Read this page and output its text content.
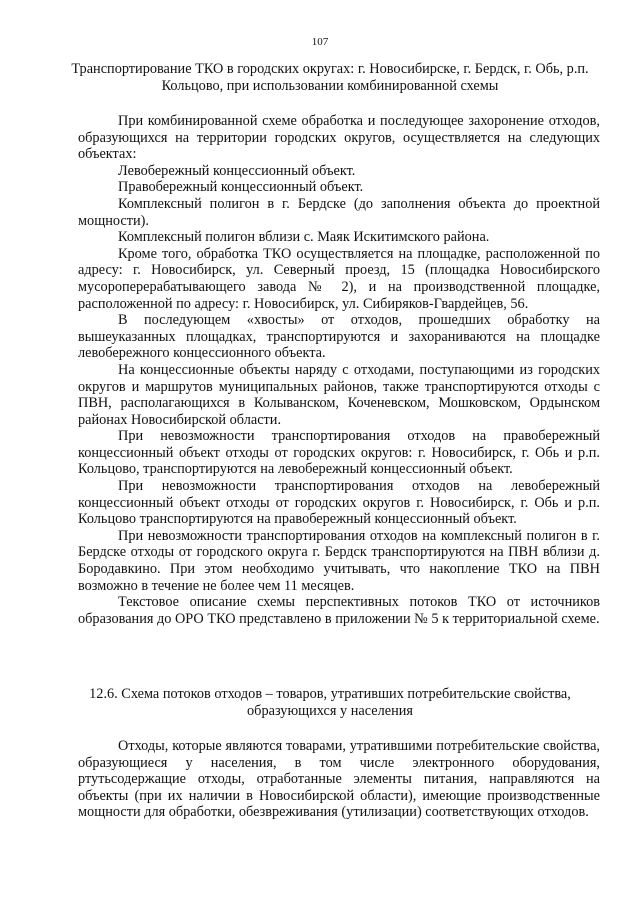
107
Транспортирование ТКО в городских округах: г. Новосибирске, г. Бердск, г. Обь, р.п. Кольцово, при использовании комбинированной схемы

При комбинированной схеме обработка и последующее захоронение отходов, образующихся на территории городских округов, осуществляется на следующих объектах:

Левобережный концессионный объект.

Правобережный концессионный объект.

Комплексный полигон в г. Бердске (до заполнения объекта до проектной мощности).

Комплексный полигон вблизи с. Маяк Искитимского района.

Кроме того, обработка ТКО осуществляется на площадке, расположенной по адресу: г. Новосибирск, ул. Северный проезд, 15 (площадка Новосибирского мусороперерабатывающего завода № 2), и на производственной площадке, расположенной по адресу: г. Новосибирск, ул. Сибиряков-Гвардейцев, 56.

В последующем «хвосты» от отходов, прошедших обработку на вышеуказанных площадках, транспортируются и захораниваются на площадке левобережного концессионного объекта.

На концессионные объекты наряду с отходами, поступающими из городских округов и маршрутов муниципальных районов, также транспортируются отходы с ПВН, располагающихся в Колыванском, Коченевском, Мошковском, Ордынском районах Новосибирской области.

При невозможности транспортирования отходов на правобережный концессионный объект отходы от городских округов: г. Новосибирск, г. Обь и р.п. Кольцово, транспортируются на левобережный концессионный объект.

При невозможности транспортирования отходов на левобережный концессионный объект отходы от городских округов г. Новосибирск, г. Обь и р.п. Кольцово транспортируются на правобережный концессионный объект.

При невозможности транспортирования отходов на комплексный полигон в г. Бердске отходы от городского округа г. Бердск транспортируются на ПВН вблизи д. Бородавкино. При этом необходимо учитывать, что накопление ТКО на ПВН возможно в течение не более чем 11 месяцев.

Текстовое описание схемы перспективных потоков ТКО от источников образования до ОРО ТКО представлено в приложении № 5 к территориальной схеме.

12.6. Схема потоков отходов – товаров, утративших потребительские свойства, образующихся у населения

Отходы, которые являются товарами, утратившими потребительские свойства, образующиеся у населения, в том числе электронного оборудования, ртутьсодержащие отходы, отработанные элементы питания, направляются на объекты (при их наличии в Новосибирской области), имеющие производственные мощности для обработки, обезвреживания (утилизации) соответствующих отходов.
